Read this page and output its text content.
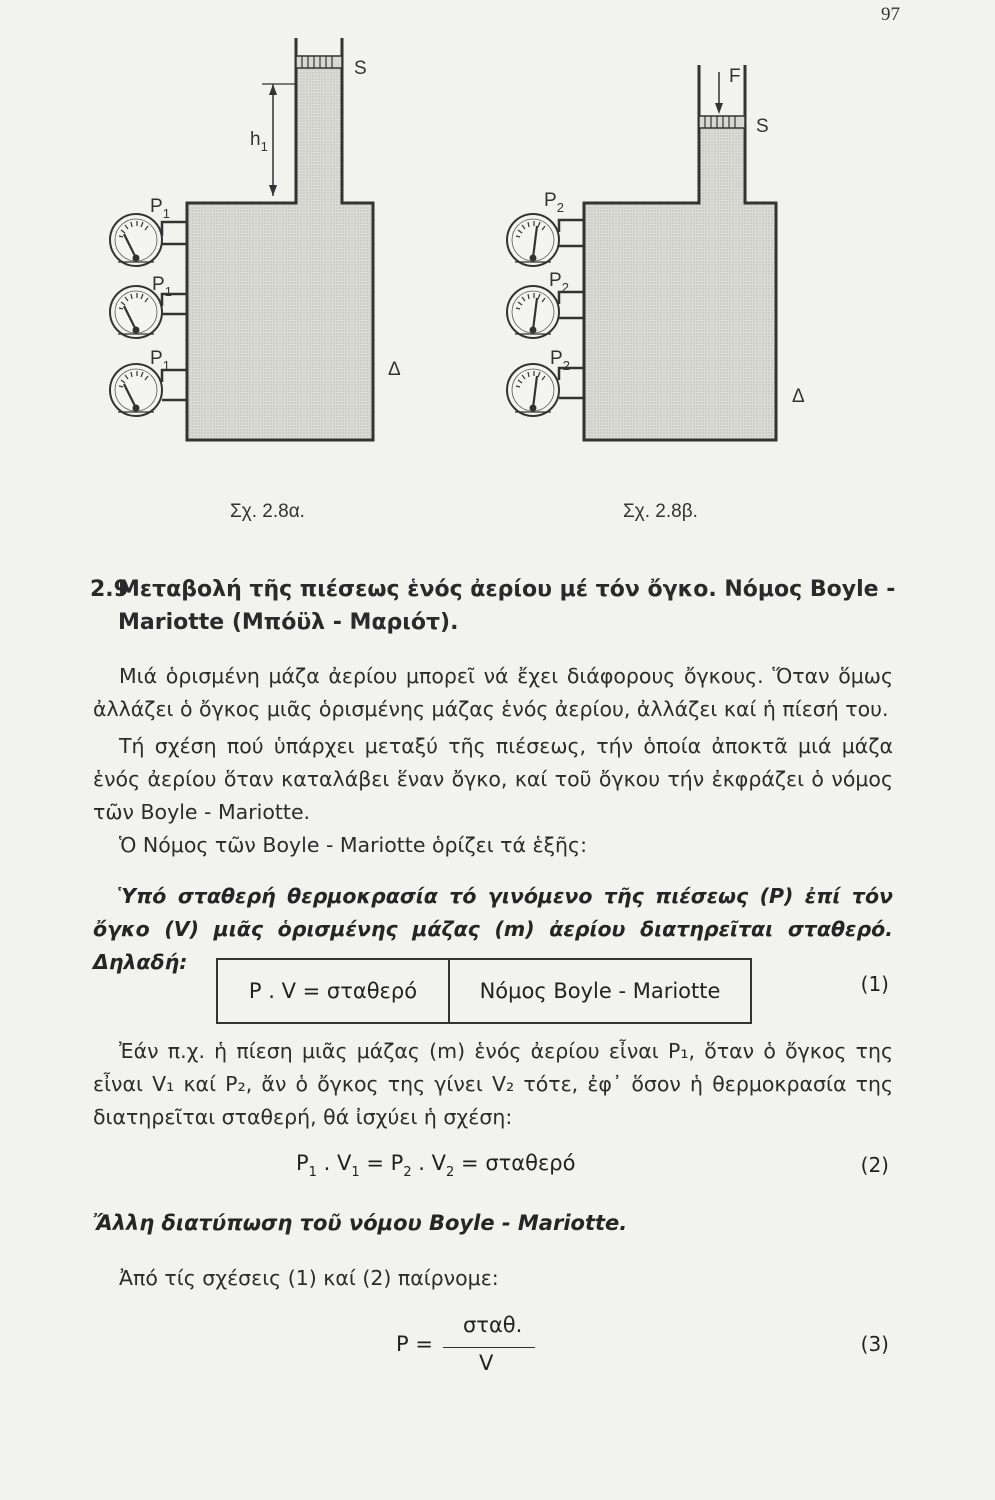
97
S
$h_1$
$P_1$
$P_1$
$P_1$	Δ
Σχ. 2.8α.
F
S
$P_2$
$P_2$
$P_2$
Δ
Σχ. 2.8β.
2.9
Μεταβολή τῆς πιέσεως ἑνός ἀερίου μέ τόν ὄγκο. Νόμος Boyle - Mariotte (Μπόϋλ - Μαριότ).

Μιά ὁρισμένη μάζα ἀερίου μπορεῖ νά ἔχει διάφορους ὄγκους. Ὅταν ὅμως ἀλλάζει ὁ ὄγκος μιᾶς ὁρισμένης μάζας ἑνός ἀερίου, ἀλλάζει καί ἡ πίεσή του.

Τή σχέση πού ὑπάρχει μεταξύ τῆς πιέσεως, τήν ὁποία ἀποκτᾶ μιά μάζα ἑνός ἀερίου ὅταν καταλάβει ἕναν ὄγκο, καί τοῦ ὄγκου τήν ἐκφράζει ὁ νόμος τῶν Boyle - Mariotte.

Ὁ Νόμος τῶν Boyle - Mariotte ὁρίζει τά ἑξῆς:

Ὑπό σταθερή θερμοκρασία τό γινόμενο τῆς πιέσεως (P) ἐπί τόν ὄγκο (V) μιᾶς ὁρισμένης μάζας (m) ἀερίου διατηρεῖται σταθερό. Δηλαδή:
P . V = σταθερό	Νόμος Boyle - Mariotte	(1)

Ἐάν π.χ. ἡ πίεση μιᾶς μάζας (m) ἑνός ἀερίου εἶναι P₁, ὅταν ὁ ὄγκος της εἶναι V₁ καί P₂, ἄν ὁ ὄγκος της γίνει V₂ τότε, ἐφ᾽ ὅσον ἡ θερμοκρασία της διατηρεῖται σταθερή, θά ἰσχύει ἡ σχέση:

$P_1$ . $V_1 = P_2$ . $V_2 = \sigma\tau\alpha\theta\varepsilon\rho ό$	(2)
Ἄλλη διατύπωση τοῦ νόμου Boyle - Mariotte.

Ἀπό τίς σχέσεις (1) καί (2) παίρνομε:

P =
σταθ.
V
(3)
